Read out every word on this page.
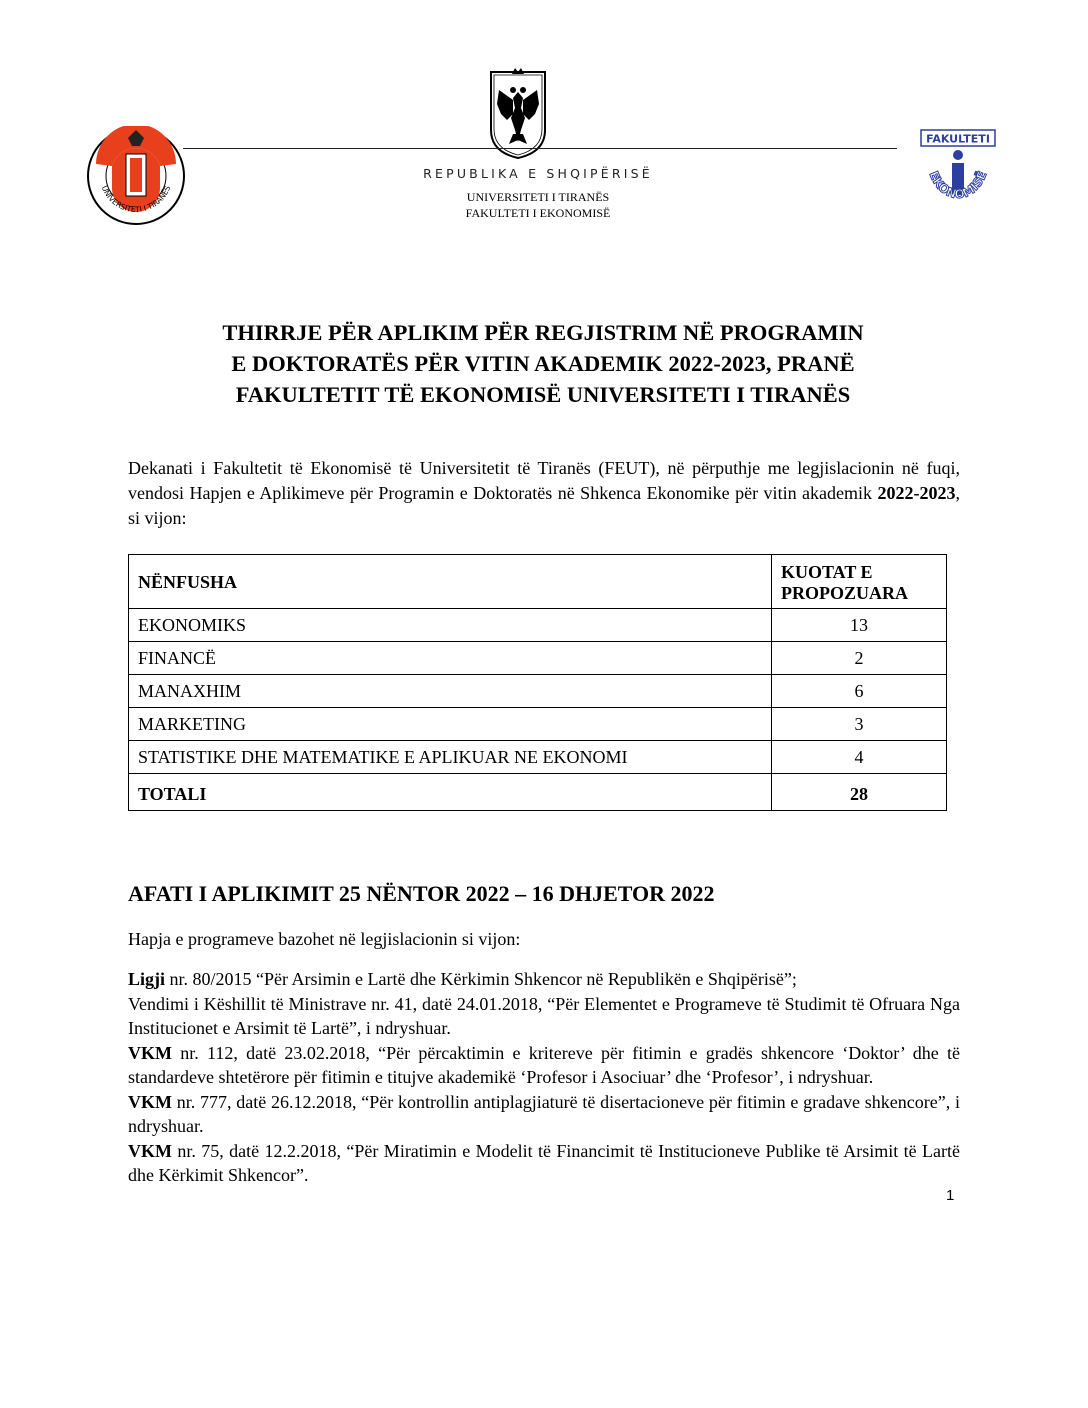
UNIVERSITETI I TIRANËS
REPUBLIKA E SHQIPËRISË
UNIVERSITETI I TIRANËS
FAKULTETI I EKONOMISË
FAKULTETI
EKONOMISË
THIRRJE PËR APLIKIM PËR REGJISTRIM NË PROGRAMIN
E DOKTORATËS PËR VITIN AKADEMIK 2022-2023, PRANË
FAKULTETIT TË EKONOMISË UNIVERSITETI I TIRANËS
Dekanati i Fakultetit të Ekonomisë të Universitetit të Tiranës (FEUT), në përputhje me legjislacionin në fuqi, vendosi Hapjen e Aplikimeve për Programin e Doktoratës në Shkenca Ekonomike për vitin akademik 2022-2023, si vijon:
NËNFUSHA	KUOTAT E
PROPOZUARA
EKONOMIKS	13
FINANCË	2
MANAXHIM	6
MARKETING	3
STATISTIKE DHE MATEMATIKE E APLIKUAR NE EKONOMI	4
TOTALI	28
AFATI I APLIKIMIT 25 NËNTOR 2022 – 16 DHJETOR 2022
Hapja e programeve bazohet në legjislacionin si vijon:

Ligji nr. 80/2015 “Për Arsimin e Lartë dhe Kërkimin Shkencor në Republikën e Shqipërisë”;

Vendimi i Këshillit të Ministrave nr. 41, datë 24.01.2018, “Për Elementet e Programeve të Studimit të Ofruara Nga Institucionet e Arsimit të Lartë”, i ndryshuar.

VKM nr. 112, datë 23.02.2018, “Për përcaktimin e kritereve për fitimin e gradës shkencore ‘Doktor’ dhe të standardeve shtetërore për fitimin e titujve akademikë ‘Profesor i Asociuar’ dhe ‘Profesor’, i ndryshuar.

VKM nr. 777, datë 26.12.2018, “Për kontrollin antiplagjiaturë të disertacioneve për fitimin e gradave shkencore”, i ndryshuar.

VKM nr. 75, datë 12.2.2018, “Për Miratimin e Modelit të Financimit të Institucioneve Publike të Arsimit të Lartë dhe Kërkimit Shkencor”.

1
